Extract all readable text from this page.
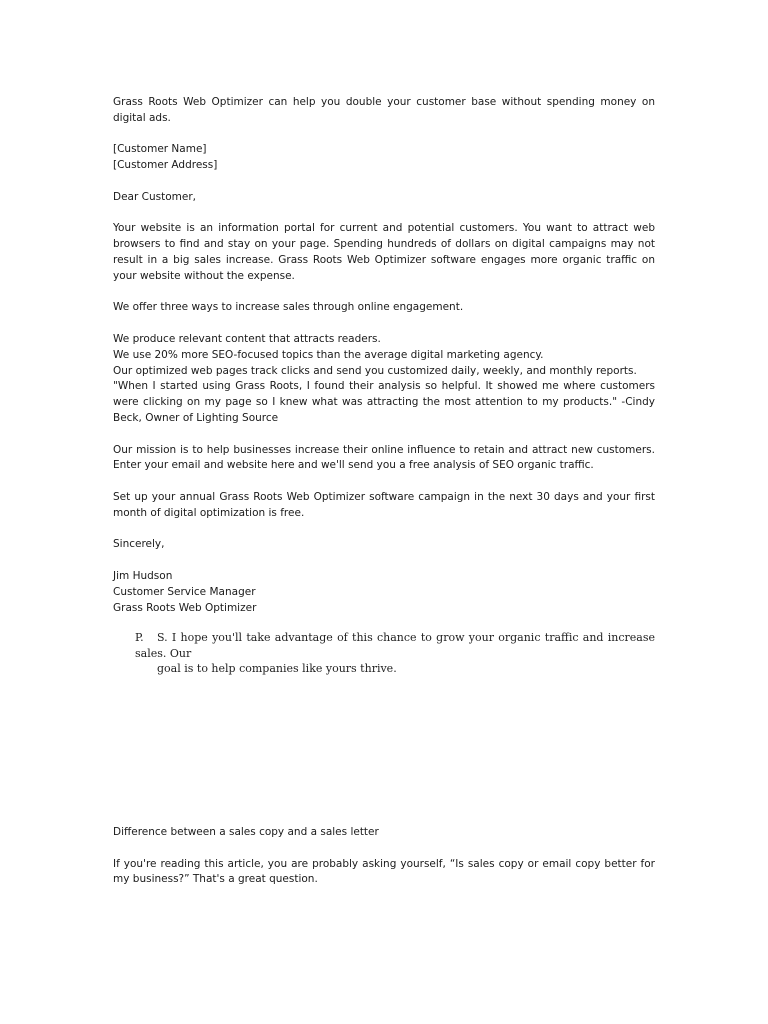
Grass Roots Web Optimizer can help you double your customer base without spending money on digital ads.

[Customer Name]

[Customer Address]

Dear Customer,

Your website is an information portal for current and potential customers. You want to attract web browsers to find and stay on your page. Spending hundreds of dollars on digital campaigns may not result in a big sales increase. Grass Roots Web Optimizer software engages more organic traffic on your website without the expense.

We offer three ways to increase sales through online engagement.

We produce relevant content that attracts readers.

We use 20% more SEO-focused topics than the average digital marketing agency.

Our optimized web pages track clicks and send you customized daily, weekly, and monthly reports.

"When I started using Grass Roots, I found their analysis so helpful. It showed me where customers were clicking on my page so I knew what was attracting the most attention to my products." -Cindy Beck, Owner of Lighting Source

Our mission is to help businesses increase their online influence to retain and attract new customers. Enter your email and website here and we'll send you a free analysis of SEO organic traffic.

Set up your annual Grass Roots Web Optimizer software campaign in the next 30 days and your first month of digital optimization is free.

Sincerely,

Jim Hudson

Customer Service Manager

Grass Roots Web Optimizer

P. S. I hope you'll take advantage of this chance to grow your organic traffic and increase sales. Our
goal is to help companies like yours thrive.

Difference between a sales copy and a sales letter

If you're reading this article, you are probably asking yourself, “Is sales copy or email copy better for my business?” That's a great question.
